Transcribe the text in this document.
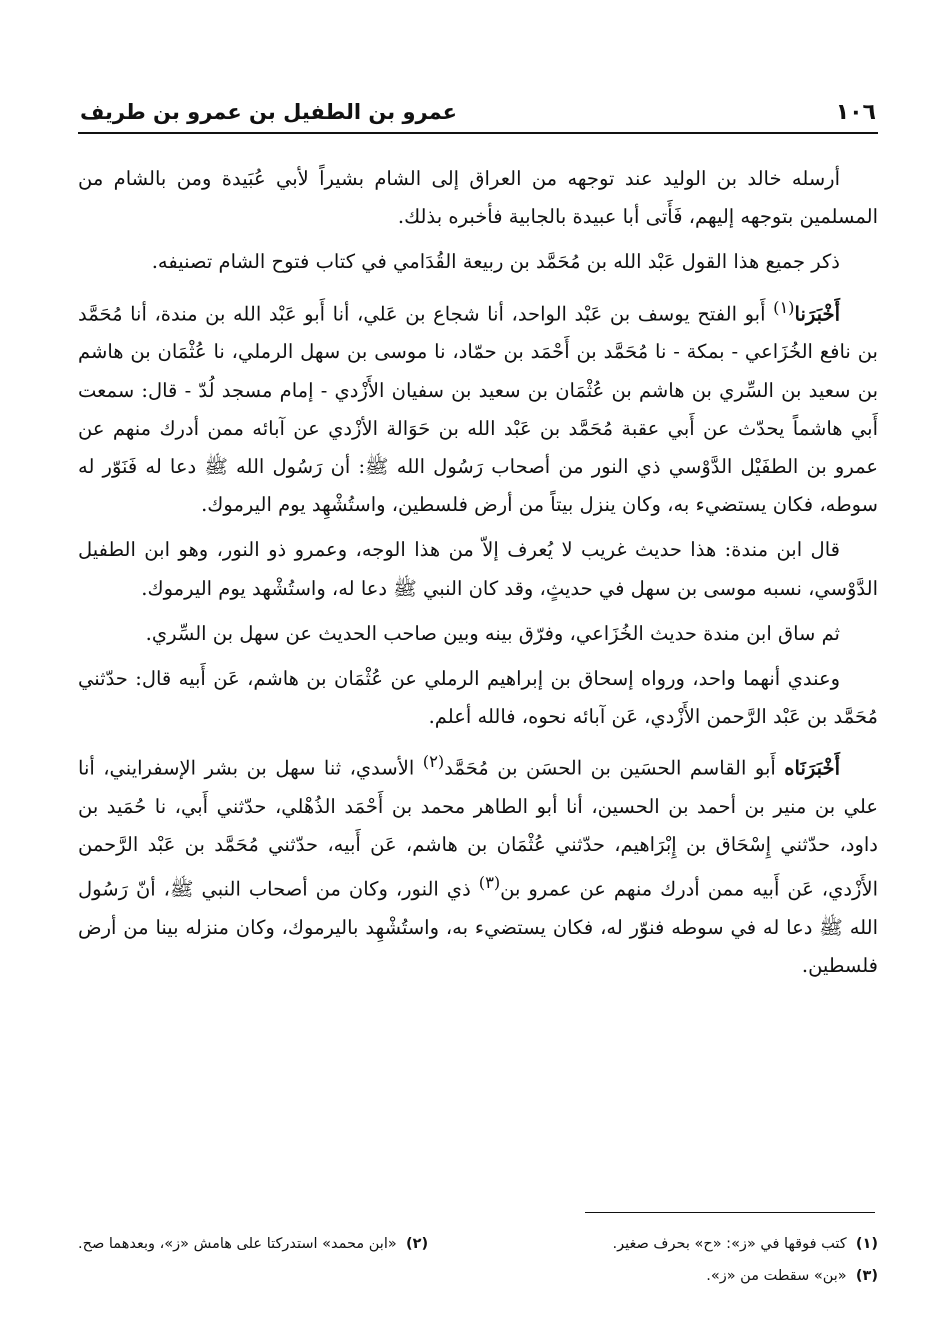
١٠٦
عمرو بن الطفيل بن عمرو بن طريف

أرسله خالد بن الوليد عند توجهه من العراق إلى الشام بشيراً لأبي عُبَيدة ومن بالشام من المسلمين بتوجهه إليهم، فَأَتى أبا عبيدة بالجابية فأخبره بذلك.

ذكر جميع هذا القول عَبْد الله بن مُحَمَّد بن ربيعة القُدَامي في كتاب فتوح الشام تصنيفه.

أَخْبَرَنا$^{(١)}$ أَبو الفتح يوسف بن عَبْد الواحد، أنا شجاع بن عَلي، أنا أَبو عَبْد الله بن مندة، أنا مُحَمَّد بن نافع الخُزَاعي - بمكة - نا مُحَمَّد بن أَحْمَد بن حمّاد، نا موسى بن سهل الرملي، نا عُثْمَان بن هاشم بن سعيد بن السِّري بن هاشم بن عُثْمَان بن سعيد بن سفيان الأَزْدي - إمام مسجد لُدّ - قال: سمعت أَبي هاشماً يحدّث عن أَبي عقبة مُحَمَّد بن عَبْد الله بن حَوَالة الأزْدي عن آبائه ممن أدرك منهم عن عمرو بن الطفَيْل الدَّوْسي ذي النور من أصحاب رَسُول الله ﷺ: أن رَسُول الله ﷺ دعا له فَنَوّر له سوطه، فكان يستضيء به، وكان ينزل بيتاً من أرض فلسطين، واستُشْهِد يوم اليرموك.

قال ابن مندة: هذا حديث غريب لا يُعرف إلاّ من هذا الوجه، وعمرو ذو النور، وهو ابن الطفيل الدَّوْسي، نسبه موسى بن سهل في حديثٍ، وقد كان النبي ﷺ دعا له، واستُشْهد يوم اليرموك.

ثم ساق ابن مندة حديث الخُزَاعي، وفرّق بينه وبين صاحب الحديث عن سهل بن السِّري.

وعندي أنهما واحد، ورواه إسحاق بن إبراهيم الرملي عن عُثْمَان بن هاشم، عَن أَبيه قال: حدّثني مُحَمَّد بن عَبْد الرَّحمن الأَزْدي، عَن آبائه نحوه، فالله أعلم.

أَخْبَرَنَاه أَبو القاسم الحسَين بن الحسَن بن مُحَمَّد$^{(٢)}$ الأسدي، ثنا سهل بن بشر الإسفرايني، أنا علي بن منير بن أحمد بن الحسين، أنا أبو الطاهر محمد بن أَحْمَد الذُهْلي، حدّثني أَبي، نا حُمَيد بن داود، حدّثني إِسْحَاق بن إِبْرَاهيم، حدّثني عُثْمَان بن هاشم، عَن أَبيه، حدّثني مُحَمَّد بن عَبْد الرَّحمن الأَزْدي، عَن أَبيه ممن أدرك منهم عن عمرو بن$^{(٣)}$ ذي النور، وكان من أصحاب النبي ﷺ، أنّ رَسُول الله ﷺ دعا له في سوطه فنوّر له، فكان يستضيء به، واستُشْهِد باليرموك، وكان منزله بينا من أرض فلسطين.

(١)  كتب فوقها في «ز»: «ح» بحرف صغير.
(٢)  «ابن محمد» استدركتا على هامش «ز»، وبعدهما صح.
(٣)  «بن» سقطت من «ز».
